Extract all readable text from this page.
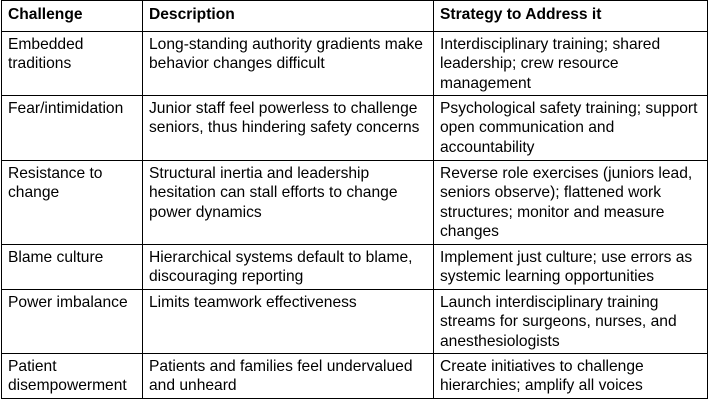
Challenge	Description	Strategy to Address it
Embedded traditions	Long-standing authority gradients make behavior changes difficult	Interdisciplinary training; shared leadership; crew resource management
Fear/intimidation	Junior staff feel powerless to challenge seniors, thus hindering safety concerns	Psychological safety training; support open communication and accountability
Resistance to change	Structural inertia and leadership hesitation can stall efforts to change power dynamics	Reverse role exercises (juniors lead, seniors observe); flattened work structures; monitor and measure changes
Blame culture	Hierarchical systems default to blame, discouraging reporting	Implement just culture; use errors as systemic learning opportunities
Power imbalance	Limits teamwork effectiveness	Launch interdisciplinary training streams for surgeons, nurses, and anesthesiologists
Patient disempowerment	Patients and families feel undervalued and unheard	Create initiatives to challenge hierarchies; amplify all voices
